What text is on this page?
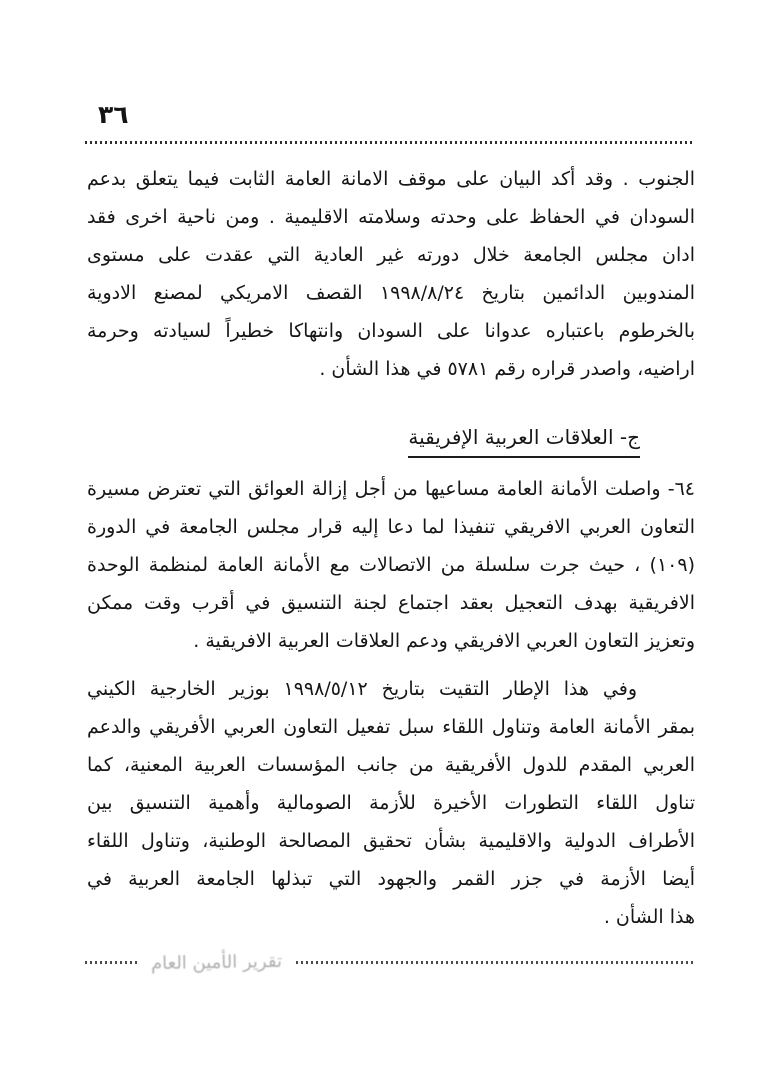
٣٦
الجنوب . وقد أكد البيان على موقف الامانة العامة الثابت فيما يتعلق بدعم
السودان في الحفاظ على وحدته وسلامته الاقليمية . ومن ناحية اخرى فقد
ادان مجلس الجامعة خلال دورته غير العادية التي عقدت على مستوى
المندوبين الدائمين بتاريخ ١٩٩٨/٨/٢٤ القصف الامريكي لمصنع الادوية
بالخرطوم باعتباره عدوانا على السودان وانتهاكا خطيراً لسيادته وحرمة
اراضيه، واصدر قراره رقم ٥٧٨١ في هذا الشأن .
ج- العلاقات العربية الإفريقية
٦٤- واصلت الأمانة العامة مساعيها من أجل إزالة العوائق التي تعترض مسيرة
التعاون العربي الافريقي تنفيذا لما دعا إليه قرار مجلس الجامعة في الدورة
(١٠٩) ، حيث جرت سلسلة من الاتصالات مع الأمانة العامة لمنظمة الوحدة
الافريقية بهدف التعجيل بعقد اجتماع لجنة التنسيق في أقرب وقت ممكن
وتعزيز التعاون العربي الافريقي ودعم العلاقات العربية الافريقية .
وفي هذا الإطار التقيت بتاريخ ١٩٩٨/٥/١٢ بوزير الخارجية الكيني
بمقر الأمانة العامة وتناول اللقاء سبل تفعيل التعاون العربي الأفريقي والدعم
العربي المقدم للدول الأفريقية من جانب المؤسسات العربية المعنية، كما
تناول اللقاء التطورات الأخيرة للأزمة الصومالية وأهمية التنسيق بين
الأطراف الدولية والاقليمية بشأن تحقيق المصالحة الوطنية، وتناول اللقاء
أيضا الأزمة في جزر القمر والجهود التي تبذلها الجامعة العربية في
هذا الشأن .
تقرير الأمين العام
